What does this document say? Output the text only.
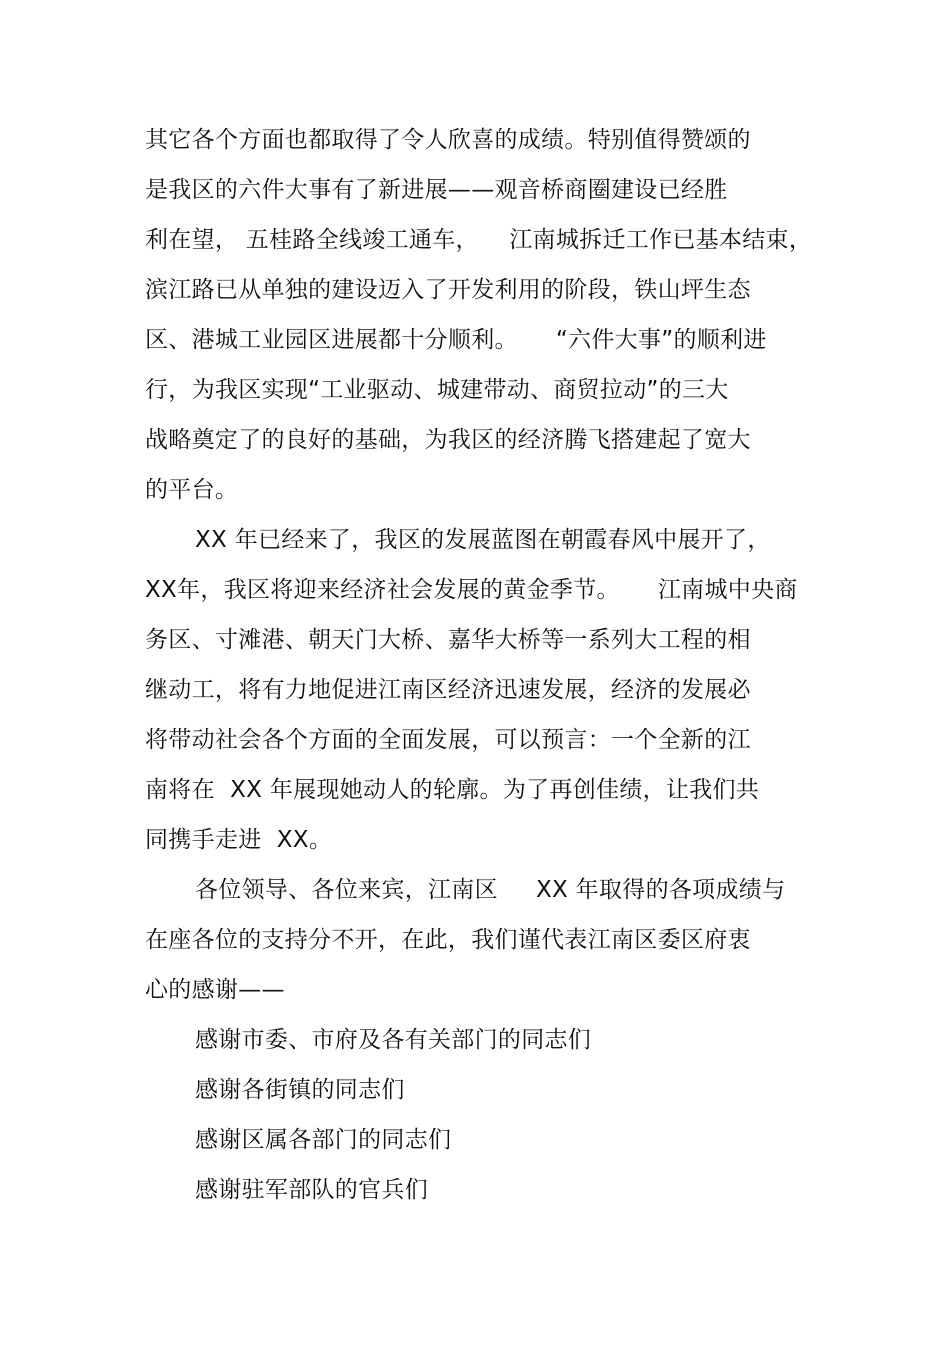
其它各个方面也都取得了令人欣喜的成绩。特别值得赞颂的
是我区的六件大事有了新进展——观音桥商圈建设已经胜
利在望， 五桂路全线竣工通车，    江南城拆迁工作已基本结束，
滨江路已从单独的建设迈入了开发利用的阶段，铁山坪生态
区、港城工业园区进展都十分顺利。     “六件大事”的顺利进
行，为我区实现“工业驱动、城建带动、商贸拉动”的三大
战略奠定了的良好的基础，为我区的经济腾飞搭建起了宽大
的平台。
XX 年已经来了，我区的发展蓝图在朝霞春风中展开了，
XX年，我区将迎来经济社会发展的黄金季节。     江南城中央商
务区、寸滩港、朝天门大桥、嘉华大桥等一系列大工程的相
继动工，将有力地促进江南区经济迅速发展，经济的发展必
将带动社会各个方面的全面发展，可以预言：一个全新的江
南将在  XX 年展现她动人的轮廓。为了再创佳绩，让我们共
同携手走进  XX。
各位领导、各位来宾，江南区     XX 年取得的各项成绩与
在座各位的支持分不开，在此，我们谨代表江南区委区府衷
心的感谢——
感谢市委、市府及各有关部门的同志们
感谢各街镇的同志们
感谢区属各部门的同志们
感谢驻军部队的官兵们
